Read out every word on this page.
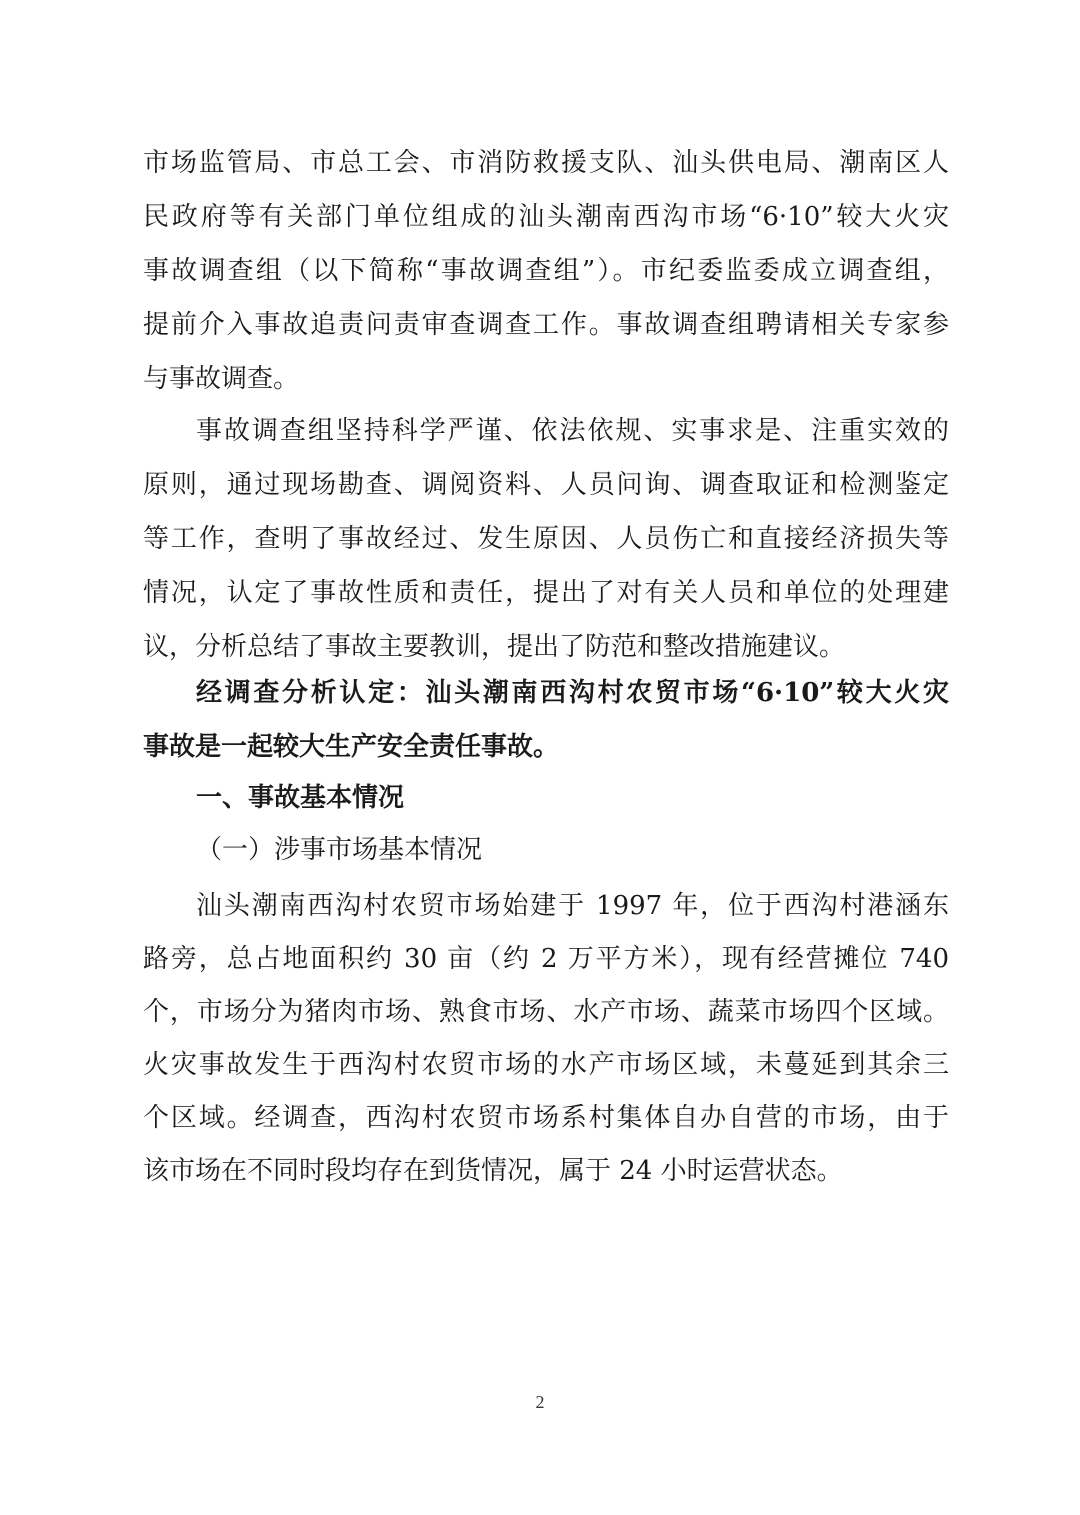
市场监管局、市总工会、市消防救援支队、汕头供电局、潮南区人
民政府等有关部门单位组成的汕头潮南西沟市场“6·10”较大火灾
事故调查组（以下简称“事故调查组”）。市纪委监委成立调查组，
提前介入事故追责问责审查调查工作。事故调查组聘请相关专家参
与事故调查。
事故调查组坚持科学严谨、依法依规、实事求是、注重实效的
原则，通过现场勘查、调阅资料、人员问询、调查取证和检测鉴定
等工作，查明了事故经过、发生原因、人员伤亡和直接经济损失等
情况，认定了事故性质和责任，提出了对有关人员和单位的处理建
议，分析总结了事故主要教训，提出了防范和整改措施建议。
经调查分析认定：汕头潮南西沟村农贸市场“6·10”较大火灾
事故是一起较大生产安全责任事故。
一、事故基本情况
（一）涉事市场基本情况
汕头潮南西沟村农贸市场始建于 1997 年，位于西沟村港涵东
路旁，总占地面积约 30 亩（约 2 万平方米），现有经营摊位 740
个，市场分为猪肉市场、熟食市场、水产市场、蔬菜市场四个区域。
火灾事故发生于西沟村农贸市场的水产市场区域，未蔓延到其余三
个区域。经调查，西沟村农贸市场系村集体自办自营的市场，由于
该市场在不同时段均存在到货情况，属于 24 小时运营状态。
2
